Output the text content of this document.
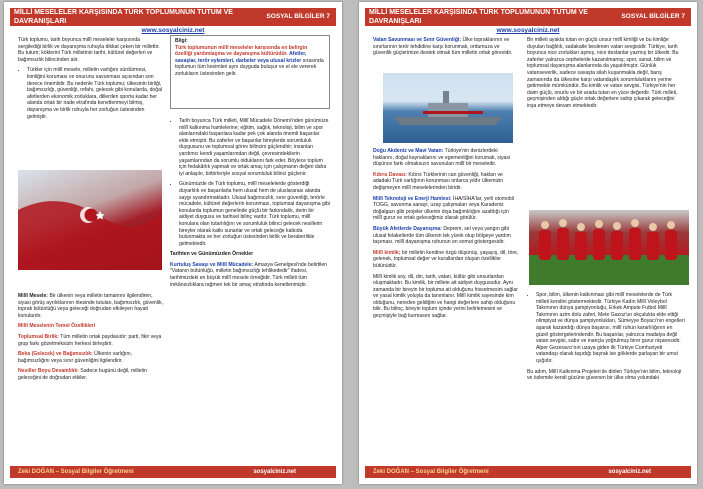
MİLLİ MESELELER KARŞISINDA TÜRK TOPLUMUNUN TUTUM VE DAVRANIŞLARI
SOSYAL BİLGİLER 7
www.sosyalciniz.net

Türk toplumu, tarih boyunca millî meseleler karşısında sergilediği birlik ve dayanışma ruhuyla dikkat çeken bir millettir. Bu tutum; köklerini Türk milletinin tarihi, kültürel değerleri ve bağımsızlık bilincinden alır.

• Türkler için millî mesele, milletin varlığını sürdürmesi, kimliğini koruması ve onurunu savunması açısından son derece önemlidir. Bu nedenle Türk toplumu; ülkesinin birliği, bağımsızlığı, güvenliği, refahı, gelecek gibi konularda, doğal afetlerden ekonomik zorluklara, dillerden sporta kadar her alanda ortak bir irade etrafında kenetlenmeyi bilmiş, dayanışma ve birlik ruhuyla her zorluğun üstesinden gelmiştir.

Millî Mesele: Bir ülkenin veya milletin tamamını ilgilendiren, siyasi görüş ayrılıklarının ötesinde tutulan, bağımsızlık, güvenlik, toprak bütünlüğü veya geleceği doğrudan etkileyen hayati konulardır.

Millî Meselenin Temel Özellikleri

Toplumsal Birlik: Tüm milletin ortak paydasıdır; parti, fikir veya grup farkı gözetmeksizin herkesi birleştirir.

Beka (Gelecek) ve Bağımsızlık: Ülkenin varlığını, bağımsızlığını veya sınır güvenliğini ilgilendirir.

Nesiller Boyu Devamlılık: Sadece bugünü değil, milletin geleceğini de doğrudan etkiler.

Bilgi:
Türk toplumunun millî meseleler karşısında en belirgin özelliği yardımlaşma ve dayanışma kültürüdür. Afetler, savaşlar, terör eylemleri, darbeler veya ulusal krizler sırasında toplumun tüm kesimleri aynı duyguda buluşur ve el ele vererek zorlukların üstesinden gelir.
• Tarih boyunca Türk milleti, Millî Mücadele Dönemi'nden günümüze millî kalkınma hamlelerine; eğitim, sağlık, teknoloji, bilim ve spor alanlarındaki başarılara kadar pek çok alanda önemli başarılar elde etmiştir. Bu zaferler ve başarılar bireylerde sorumluluk duygusunu ve toplumsal görev bilincini güçlendirir; insanları yardımcı kendi yaşamlarından değil, çevresindekilerin yaşamlarından da sorumlu olduklarını fark eder. Böylece toplum için fedakârlık yapmak ve ortak amaç için çalışmanın değeri daha iyi anlaşılır, birbirleriyle sosyal sorumluluk bilinci güçlenir.
• Günümüzde de Türk toplumu, millî meselelerde gösterdiği duyarlılık ve başarılarla hem ulusal hem de uluslararası alanda saygı uyandırmaktadır. Ulusal bağımsızlık, sınır güvenliği, terörle mücadele, kültürel değerlerin korunması, toplumsal dayanışma gibi konularda toplumun genelinde güçlü bir farkındalık, derin bir aidiyet duygusu ve tarihsel bilinç vardır. Türk toplumu, millî konulara olan tutarlılığını ve sorumluluk bilinci gelecek nesillerin bireyler olarak katkı sunarlar ve ortak geleceğe katkıda bulunmakta ve her zorluğun üstesinden birlik ve beraberlikle gelmektedir.

Tarihten ve Günümüzden Örnekler

Kurtuluş Savaşı ve Millî Mücadele: Amasya Genelgesi'nde belirtilen "Vatanın bütünlüğü, milletin bağımsızlığı tehlikededir" ifadesi, tarihimizdeki en büyük millî mesele örneğidir. Türk milleti tüm imkânsızlıklara rağmen tek bir amaç etrafında kenetlenmiştir.

Zeki DOĞAN – Sosyal Bilgiler Öğretmeni	sosyalciniz.net
MİLLİ MESELELER KARŞISINDA TÜRK TOPLUMUNUN TUTUM VE DAVRANIŞLARI
SOSYAL BİLGİLER 7
www.sosyalciniz.net

Vatan Savunması ve Sınır Güvenliği: Ülke topraklarının ve sınırlarının terör tehdidine karşı korunmak, ordumuza ve güvenlik güçlerimize destek olmak tüm milletin ortak görevidir.

Doğu Akdeniz ve Mavi Vatan: Türkiye'nin denizlerdeki haklarını, doğal kaynaklarını ve egemenliğini korumak, siyasi düşünce farkı olmaksızın savunulan millî bir meseledir.

Kıbrıs Davası: Kıbrıs Türklerinin can güvenliği, hakları ve adadaki Türk varlığının korunması onlarca yıldır ülkemizin değişmeyen millî meselelerinden biridir.

Millî Teknoloji ve Enerji Hamlesi: İHA/SİHA'lar, yerli otomobil TOGG, savunma sanayi, uzay çalışmaları veya Karadeniz doğalgazı gibi projeler ülkenin dışa bağımlılığını azalttığı için millî gurur ve ortak geleceğimiz olarak görülür.

Büyük Afetlerde Dayanışma: Deprem, sel veya yangın gibi ulusal felaketlerde tüm ülkenin tek yürek olup bölgeye yardım taşıması, millî dayanışma ruhunun en somut göstergesidir.

Millî kimlik; bir milletin kendine özgü düşünüş, yaşayış, dil, töre, gelenek, toplumsal değer ve kurallardan oluşan özellikler bütünüdür.

Millî kimlik soy, dil, din, tarih, vatan, kültür gibi unsurlardan oluşmaktadır. Bu kimlik, bir millete ait aidiyet duygusudur. Aynı zamanda bir bireyin bir topluma ait olduğunu hissetmesini sağlar ve yasal kimlik yoluyla da tanımlanır. Millî kimlik sayesinde kim olduğunu, nereden geldiğini ve hangi değerlere sahip olduğunu bilir. Bu bilinç, bireyin toplum içinde yerini belirlemesini ve geçmişiyle bağ kurmasını sağlar.

Bir milleti ayakta tutan en güçlü unsur millî kimliği ve bu kimliğe duyulan bağlılık, sadakatle beslenen vatan sevgisidir. Türkiye, tarih boyunca nice zorlukları aşmış, nice destanlar yazmış bir ülkedir. Bu zaferler yalnızca cephelerde kazanılmamış; spor, sanat, bilim ve toplumsal dayanışma alanlarında da yaşatılmıştır. Günlük vatanseverlik, sadece savaşta silah kuşanmakla değil, barış zamanında da ülkesine karşı vatandaşlık sorumluluklarını yerine getirmekle mümkündür. Bu kimlik ve vatan sevgisi, Türkiye'nin her daim güçlü, onurlu ve bir arada tutan en yüce değerdir. Türk milleti, geçmişinden aldığı güçle ortak değerlere sahip çıkarak geleceğini inşa etmeye devam etmektedir.

• Spor, bilim, ülkenin kalkınması gibi millî meselelerde de Türk milleti kendini göstermektedir. Türkiye Kadın Millî Voleybol Takımının dünya şampiyonluğu, Erkek Ampute Futbol Millî Takımının azim dolu zaferi, Mete Gazoz'un okçulukta elde ettiği olimpiyat ve dünya şampiyonlukları, Sümeyye Boyacı'nın engelleri aşarak kazandığı dünya başarısı, millî ruhun kararlılığının en güzel göstergelerindendir. Bu başarılar, yalnızca madalya değil vatan sevgisi, sabır ve inançla yoğrulmuş birer gurur nişanesidir. Alper Gezeravcı'nın uzaya giden ilk Türkiye Cumhuriyeti vatandaşı olarak taşıdığı bayrak ise göklerde parlayan bir umut ışığıdır.

Bu adım, Millî Kalkınma Projeleri ile dirilen Türkiye'nin bilim, teknoloji ve özlemde kendi gücüne güvenen bir ülke olma yolundaki

Zeki DOĞAN – Sosyal Bilgiler Öğretmeni	sosyalciniz.net
